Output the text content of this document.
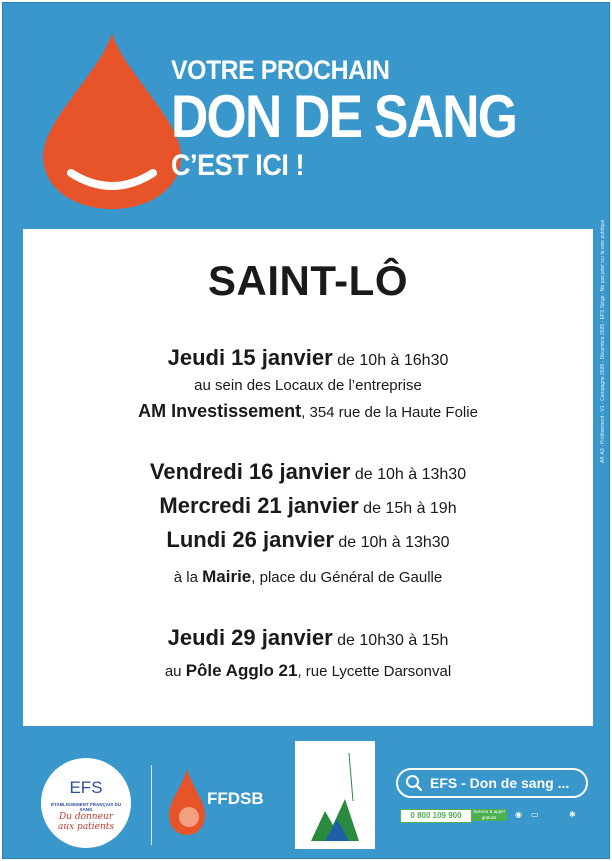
VOTRE PROCHAIN
DON DE SANG
C’EST ICI !
SAINT-LÔ
Jeudi 15 janvier de 10h à 16h30
au sein des Locaux de l’entreprise
AM Investissement, 354 rue de la Haute Folie
Vendredi 16 janvier de 10h à 13h30
Mercredi 21 janvier de 15h à 19h
Lundi 26 janvier de 10h à 13h30
à la Mairie, place du Général de Gaulle
Jeudi 29 janvier de 10h30 à 15h
au Pôle Agglo 21, rue Lycette Darsonval
Aff. A3 - Prélèvement - V1 - Campagne 2026 - Décembre 2025 - EFS Siège - Ne pas jeter sur la voie publique
EFS
ÉTABLISSEMENT FRANÇAIS DU SANG
Du donneur
aux patients
FFDSB
EFS - Don de sang ...
0 800 109 900	Service & appel gratuits	◉ ▭	✱
